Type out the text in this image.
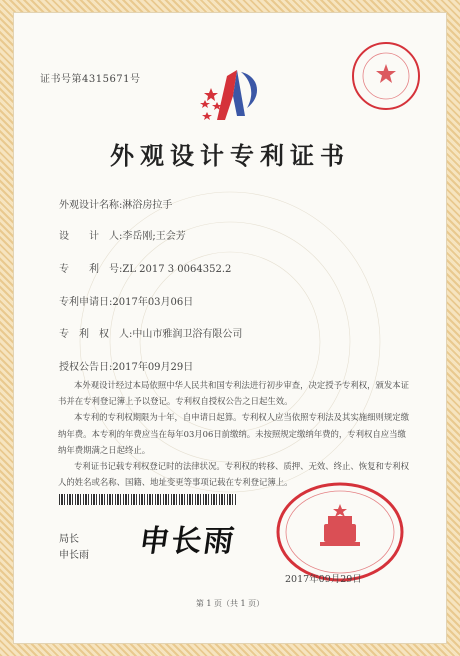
证书号第4315671号
外观设计专利证书
外观设计名称:淋浴房拉手
设　　计　人:李岳刚;王会芳
专　　利　号:ZL 2017 3 0064352.2
专利申请日:2017年03月06日
专　利　权　人:中山市雅润卫浴有限公司
授权公告日:2017年09月29日

本外观设计经过本局依照中华人民共和国专利法进行初步审查，决定授予专利权，颁发本证书并在专利登记簿上予以登记。专利权自授权公告之日起生效。

本专利的专利权期限为十年，自申请日起算。专利权人应当依照专利法及其实施细则规定缴纳年费。本专利的年费应当在每年03月06日前缴纳。未按照规定缴纳年费的，专利权自应当缴纳年费期满之日起终止。

专利证书记载专利权登记时的法律状况。专利权的转移、质押、无效、终止、恢复和专利权人的姓名或名称、国籍、地址变更等事项记载在专利登记簿上。

局长
申长雨 申长雨
2017年09月29日
第 1 页（共 1 页）
